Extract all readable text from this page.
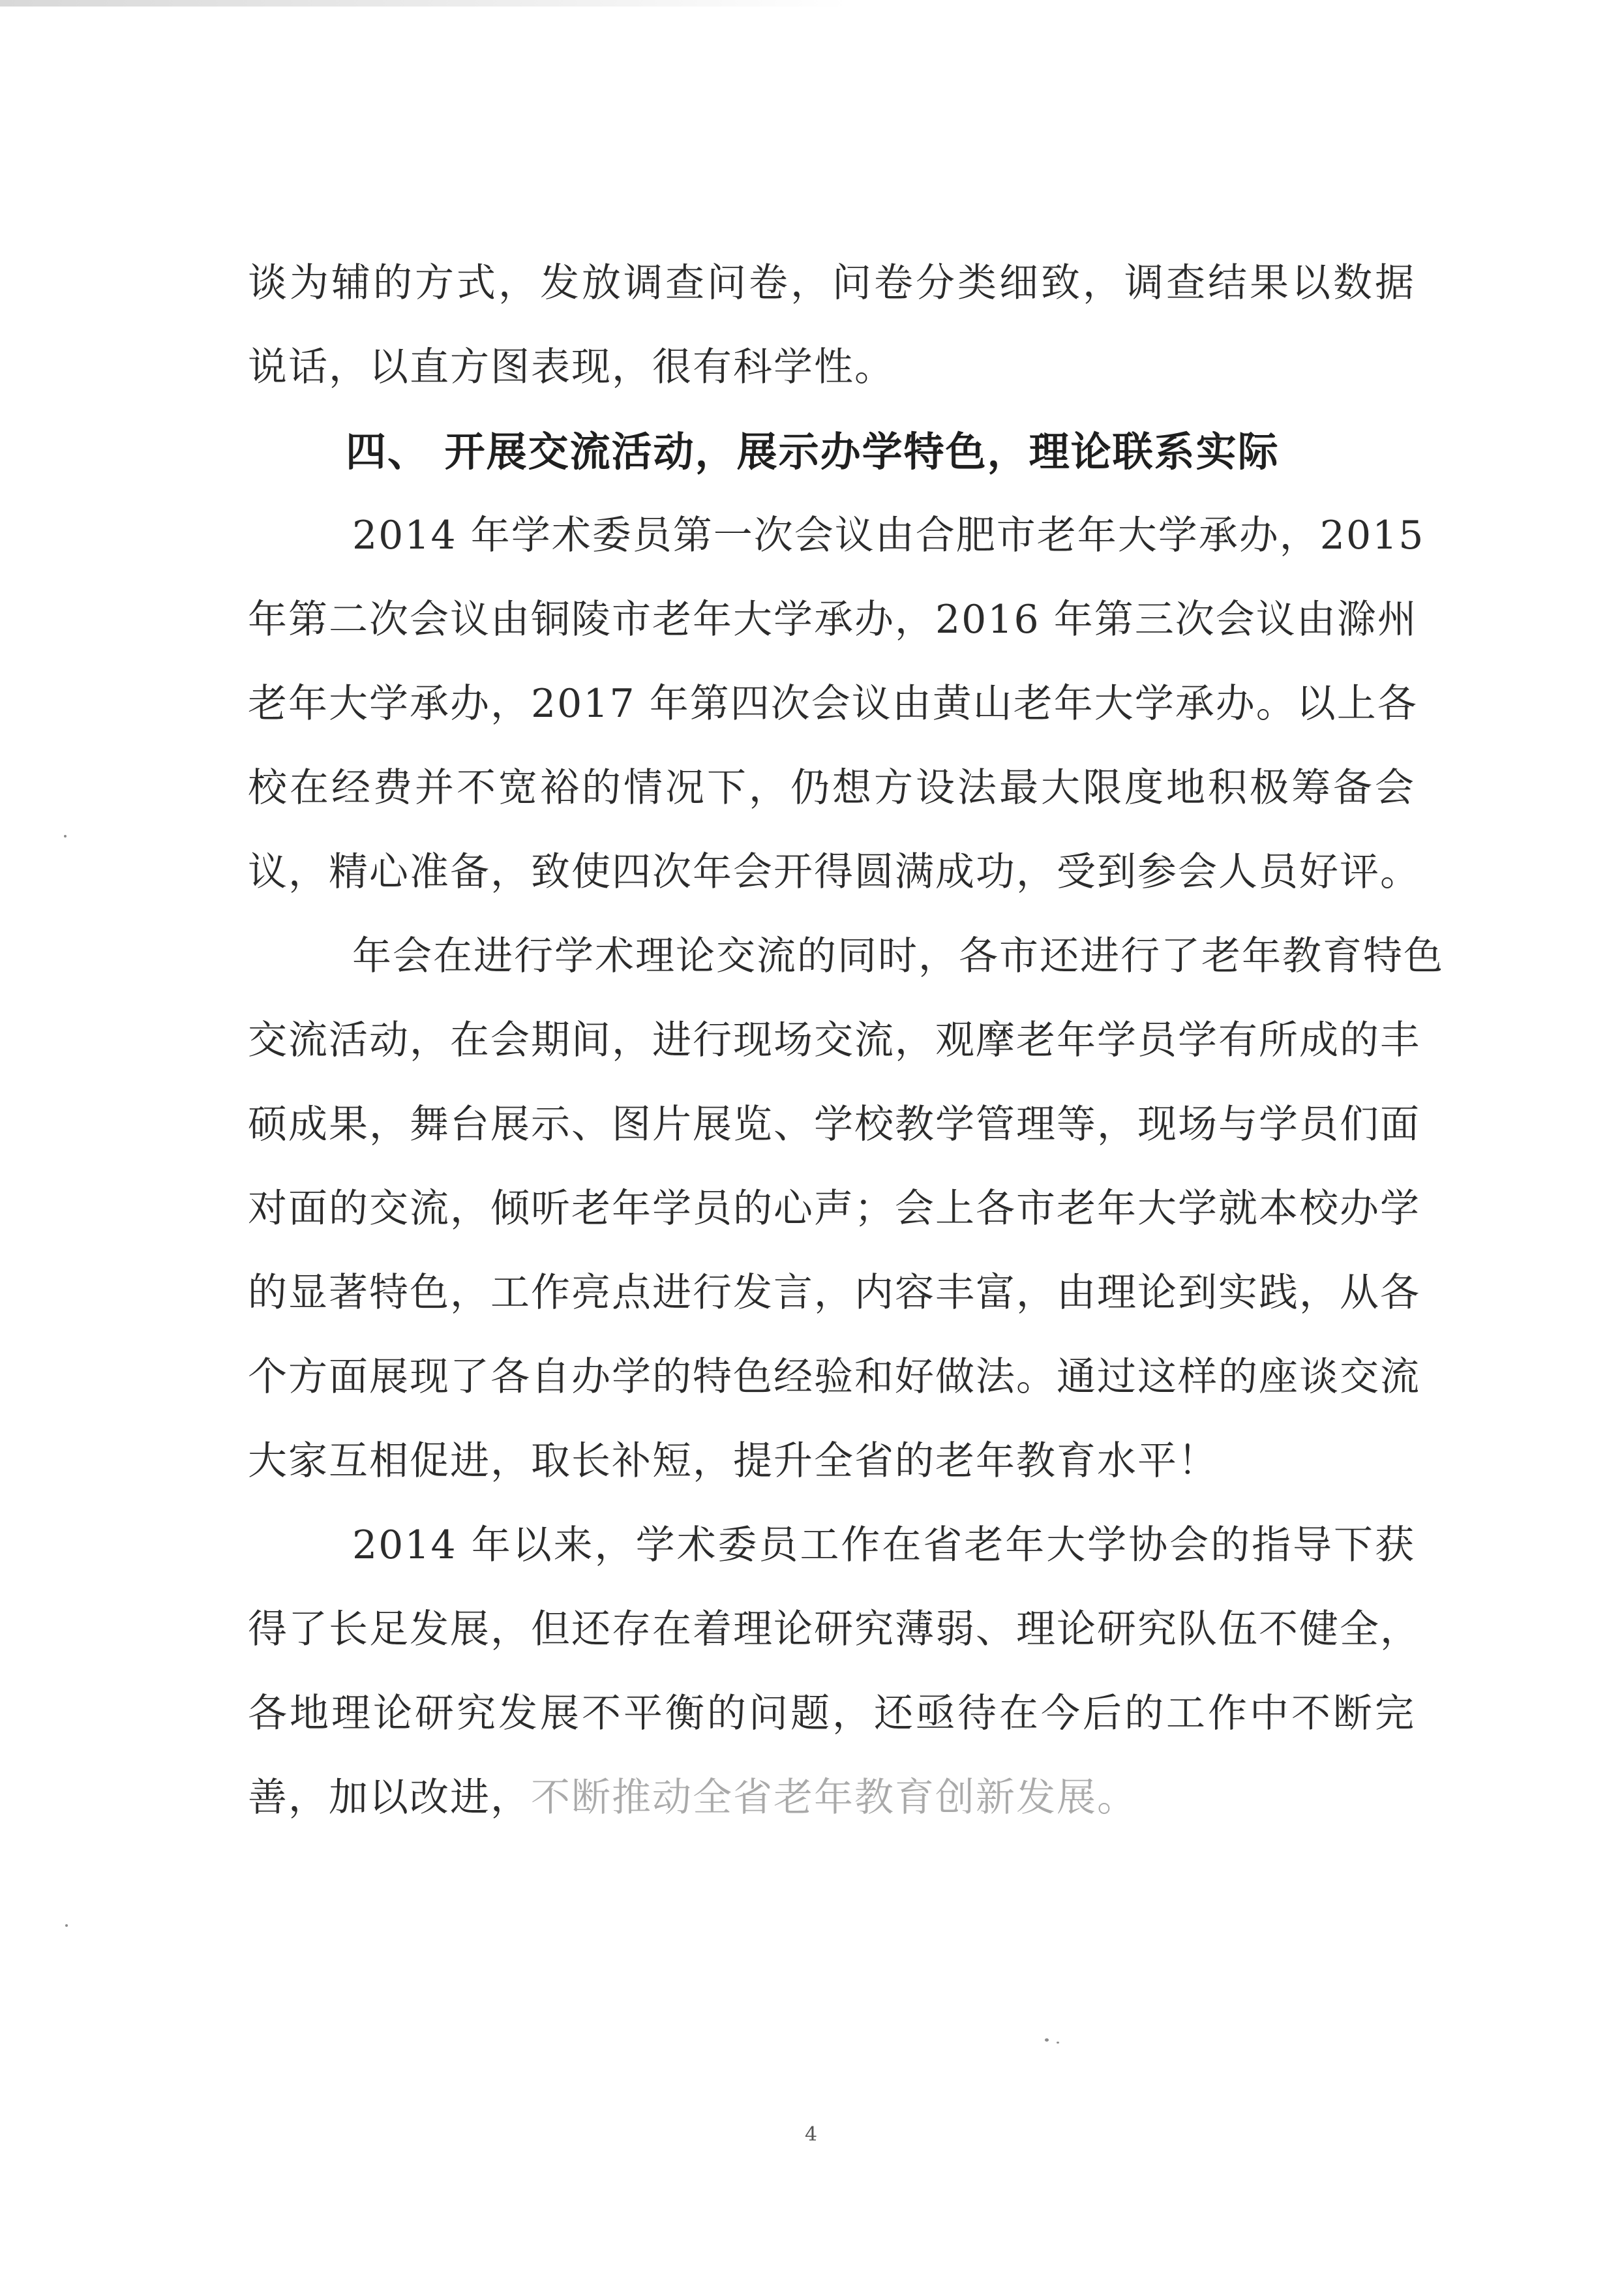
谈为辅的方式，发放调查问卷，问卷分类细致，调查结果以数据
说话，以直方图表现，很有科学性。
四、 开展交流活动，展示办学特色，理论联系实际
2014 年学术委员第一次会议由合肥市老年大学承办，2015
年第二次会议由铜陵市老年大学承办，2016 年第三次会议由滁州
老年大学承办，2017 年第四次会议由黄山老年大学承办。以上各
校在经费并不宽裕的情况下，仍想方设法最大限度地积极筹备会
议，精心准备，致使四次年会开得圆满成功，受到参会人员好评。
年会在进行学术理论交流的同时，各市还进行了老年教育特色
交流活动，在会期间，进行现场交流，观摩老年学员学有所成的丰
硕成果，舞台展示、图片展览、学校教学管理等，现场与学员们面
对面的交流，倾听老年学员的心声；会上各市老年大学就本校办学
的显著特色，工作亮点进行发言，内容丰富，由理论到实践，从各
个方面展现了各自办学的特色经验和好做法。通过这样的座谈交流
大家互相促进，取长补短，提升全省的老年教育水平！
2014 年以来，学术委员工作在省老年大学协会的指导下获
得了长足发展，但还存在着理论研究薄弱、理论研究队伍不健全，
各地理论研究发展不平衡的问题，还亟待在今后的工作中不断完
善，加以改进，不断推动全省老年教育创新发展。
4
